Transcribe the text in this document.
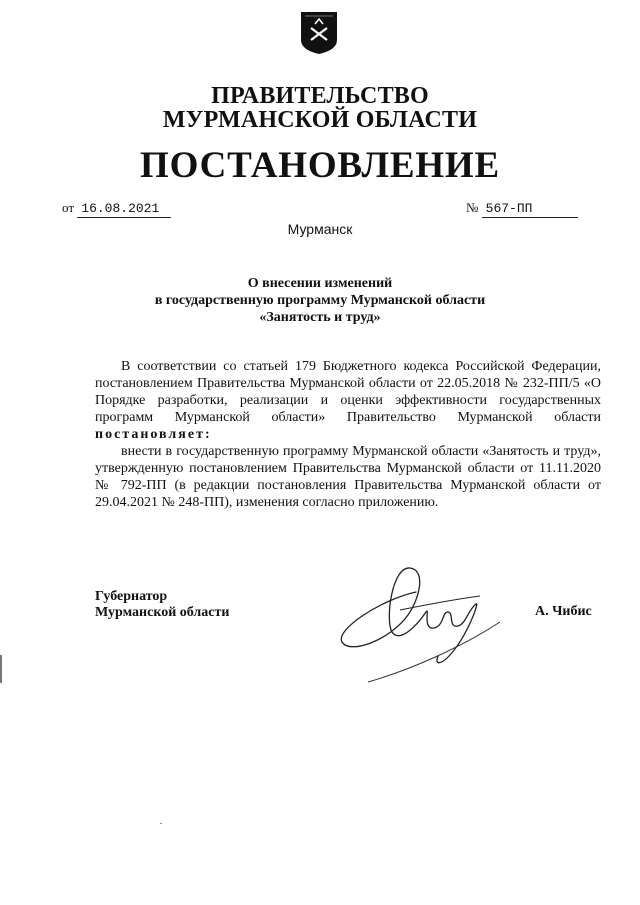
ПРАВИТЕЛЬСТВО
МУРМАНСКОЙ ОБЛАСТИ
ПОСТАНОВЛЕНИЕ
от 16.08.2021	№ 567-ПП
Мурманск
О внесении изменений
в государственную программу Мурманской области
«Занятость и труд»

В соответствии со статьей 179 Бюджетного кодекса Российской Федерации, постановлением Правительства Мурманской области от 22.05.2018 № 232-ПП/5 «О Порядке разработки, реализации и оценки эффективности государственных программ Мурманской области» Правительство Мурманской области постановляет:

внести в государственную программу Мурманской области «Занятость и труд», утвержденную постановлением Правительства Мурманской области от 11.11.2020 № 792-ПП (в редакции постановления Правительства Мурманской области от 29.04.2021 № 248-ПП), изменения согласно приложению.

Губернатор
Мурманской области	А. Чибис
